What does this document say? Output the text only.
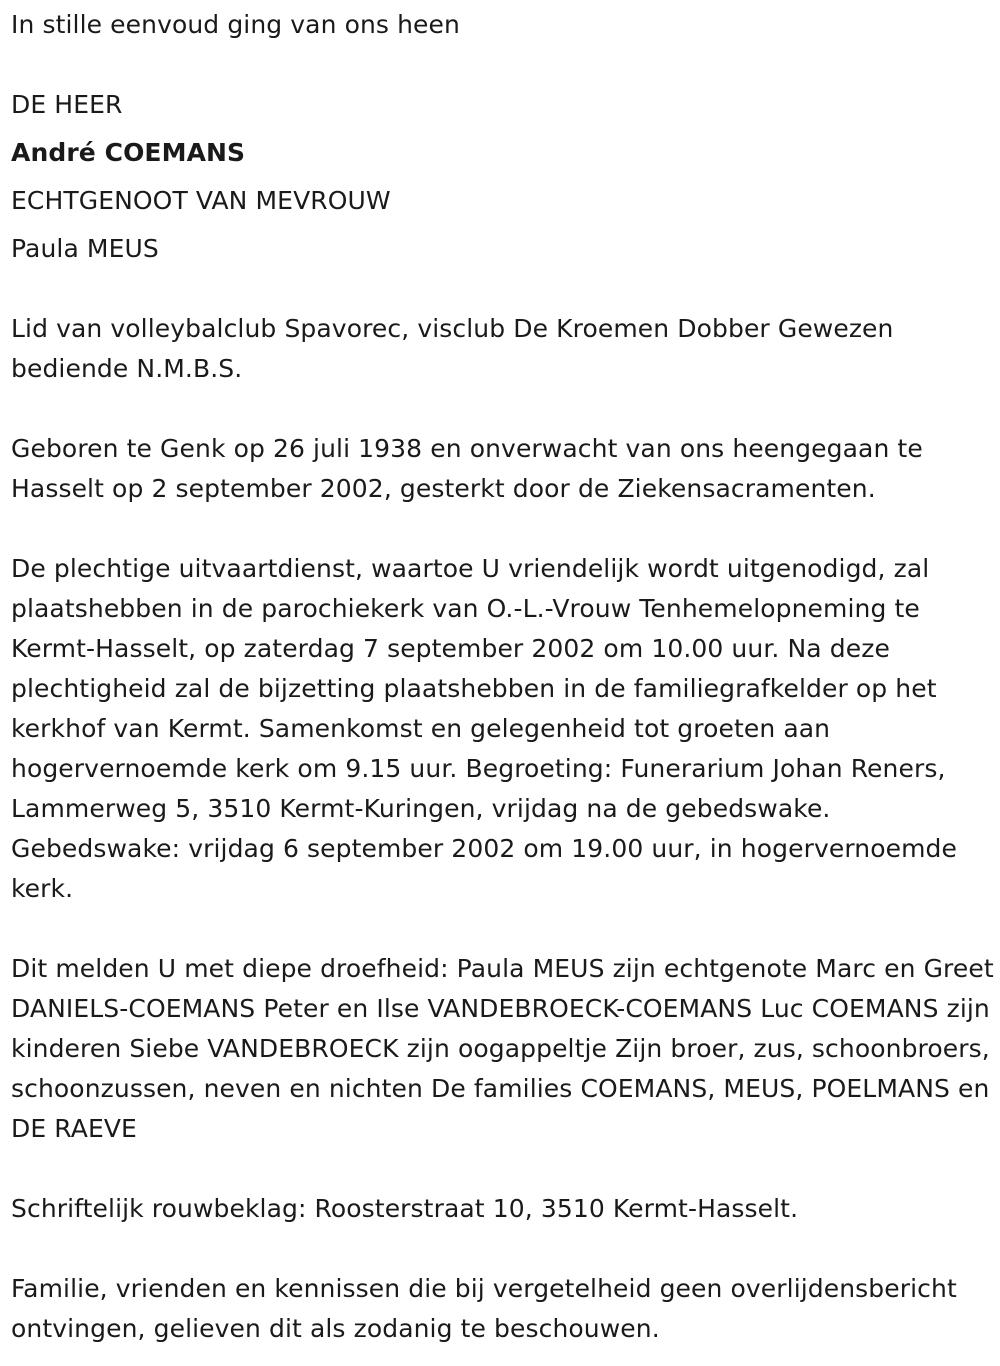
In stille eenvoud ging van ons heen
DE HEER
André COEMANS
ECHTGENOOT VAN MEVROUW
Paula MEUS

Lid van volleybalclub Spavorec, visclub De Kroemen Dobber Gewezen bediende N.M.B.S.

Geboren te Genk op 26 juli 1938 en onverwacht van ons heengegaan te Hasselt op 2 september 2002, gesterkt door de Ziekensacramenten.

De plechtige uitvaartdienst, waartoe U vriendelijk wordt uitgenodigd, zal plaatshebben in de parochiekerk van O.-L.-Vrouw Tenhemelopneming te Kermt-Hasselt, op zaterdag 7 september 2002 om 10.00 uur. Na deze plechtigheid zal de bijzetting plaatshebben in de familiegrafkelder op het kerkhof van Kermt. Samenkomst en gelegenheid tot groeten aan hogervernoemde kerk om 9.15 uur. Begroeting: Funerarium Johan Reners, Lammerweg 5, 3510 Kermt-Kuringen, vrijdag na de gebedswake. Gebedswake: vrijdag 6 september 2002 om 19.00 uur, in hogervernoemde kerk.

Dit melden U met diepe droefheid: Paula MEUS zijn echtgenote Marc en Greet DANIELS-COEMANS Peter en Ilse VANDEBROECK-COEMANS Luc COEMANS zijn kinderen Siebe VANDEBROECK zijn oogappeltje Zijn broer, zus, schoonbroers, schoonzussen, neven en nichten De families COEMANS, MEUS, POELMANS en DE RAEVE

Schriftelijk rouwbeklag: Roosterstraat 10, 3510 Kermt-Hasselt.

Familie, vrienden en kennissen die bij vergetelheid geen overlijdensbericht ontvingen, gelieven dit als zodanig te beschouwen.
